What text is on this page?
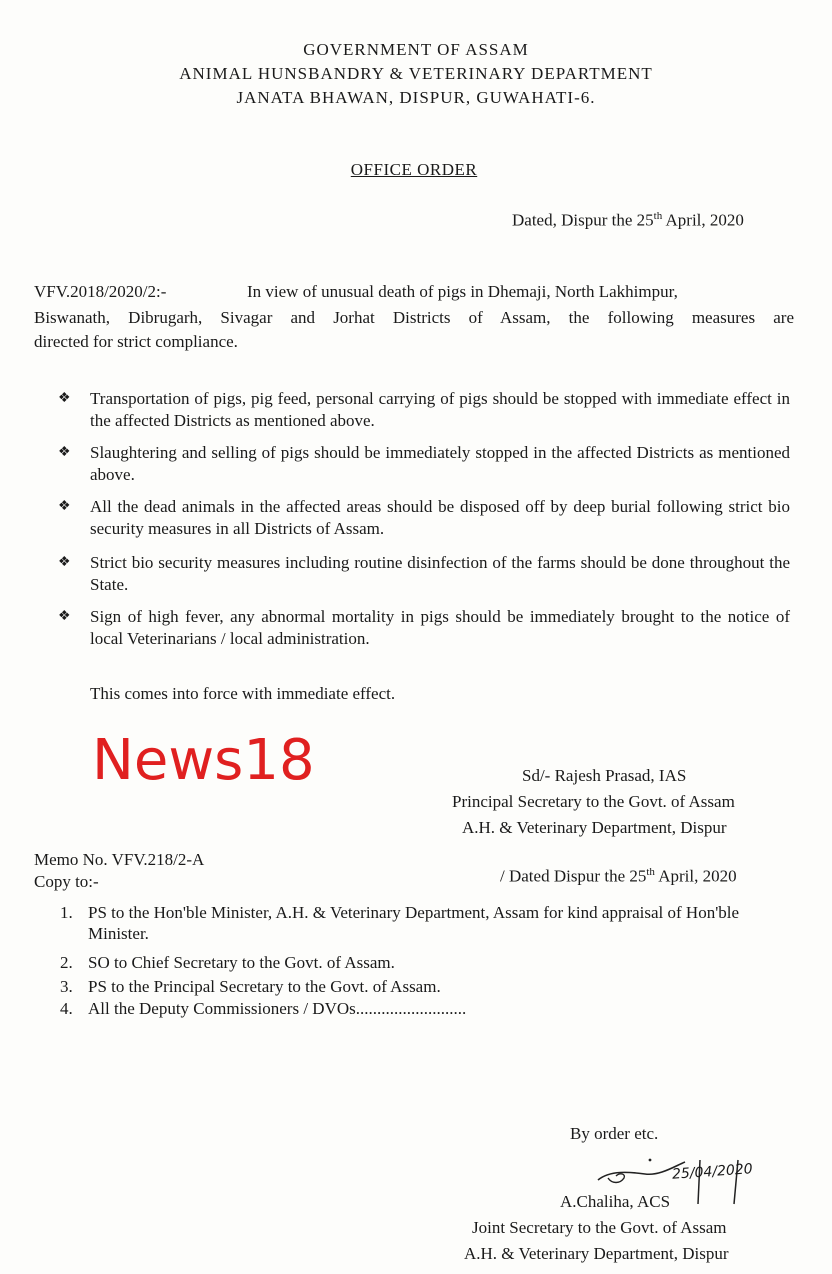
GOVERNMENT OF ASSAM
ANIMAL HUNSBANDRY & VETERINARY DEPARTMENT
JANATA BHAWAN, DISPUR, GUWAHATI-6.
OFFICE ORDER
Dated, Dispur the 25th April, 2020
VFV.2018/2020/2:-	In view of unusual death of pigs in Dhemaji, North Lakhimpur,
Biswanath, Dibrugarh, Sivagar and Jorhat Districts of Assam, the following measures are
directed for strict compliance.
❖ Transportation of pigs, pig feed, personal carrying of pigs should be stopped with immediate effect in the affected Districts as mentioned above.
❖ Slaughtering and selling of pigs should be immediately stopped in the affected Districts as mentioned above.
❖ All the dead animals in the affected areas should be disposed off by deep burial following strict bio security measures in all Districts of Assam.
❖ Strict bio security measures including routine disinfection of the farms should be done throughout the State.
❖ Sign of high fever, any abnormal mortality in pigs should be immediately brought to the notice of local Veterinarians / local administration.
This comes into force with immediate effect.
News18	Sd/- Rajesh Prasad, IAS
Principal Secretary to the Govt. of Assam
A.H. & Veterinary Department, Dispur
Memo No. VFV.218/2-A
/ Dated Dispur the 25th April, 2020
Copy to:-
1. PS to the Hon'ble Minister, A.H. & Veterinary Department, Assam for kind appraisal of Hon'ble Minister.
2. SO to Chief Secretary to the Govt. of Assam.
3. PS to the Principal Secretary to the Govt. of Assam.
4. All the Deputy Commissioners / DVOs..........................
By order etc.
25/04/2020
A.Chaliha, ACS
Joint Secretary to the Govt. of Assam
A.H. & Veterinary Department, Dispur
